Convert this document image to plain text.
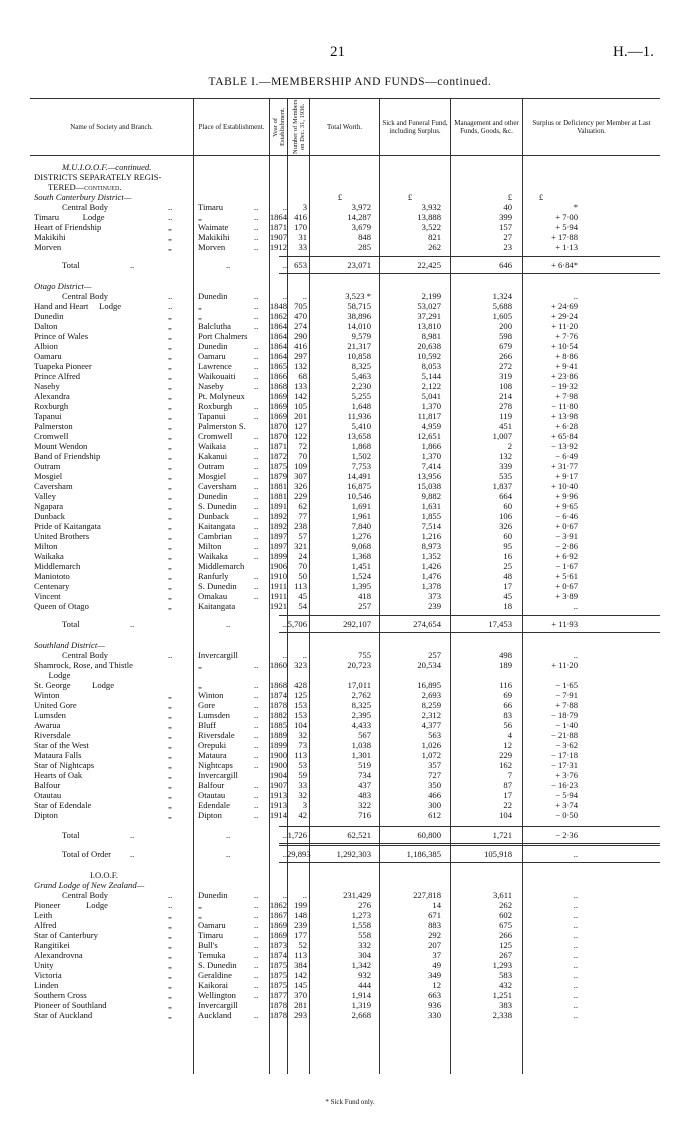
21	H.—1.
TABLE I.—MEMBERSHIP AND FUNDS—continued.
Name of Society and Branch.	Place of Establishment.	Year of Establishment. Number of Members on Dec. 31, 1936.	Total Worth.	Sick and Funeral Fund, including Surplus.
Management and other Funds, Goods, &c.
Surplus or Deficiency per Member at Last Valuation.
M.U.I.O.O.F.—continued.
DISTRICTS SEPARATELY REGIS-
TERED—continued.
South Canterbury District—	£	£	£	£
Central Body	..	Timaru	..	..	3	3,972	3,932	40	*
Timaru           Lodge	..	„	..	1864 416	14,287	13,888	399	+ 7·00
Heart of Friendship	„	Waimate	..	1871 170	3,679	3,522	157	+ 5·94
Makikihi	„	Makikihi	..	1907	31	848	821	27	+ 17·88
Morven	„	Morven	..	1912	33	285	262	23	+ 1·13
Total	..	..	.. 653	23,071	22,425	646	+ 6·84*
Otago District—
Central Body	..	Dunedin	..	..	..	3,523 *	2,199	1,324	..
Hand and Heart     Lodge	..	„	..	1848 705	58,715	53,027	5,688	+ 24·69
Dunedin	„	„	..	1862 470	38,896	37,291	1,605	+ 29·24
Dalton	„	Balclutha	..	1864 274	14,010	13,810	200	+ 11·20
Prince of Wales	„	Port Chalmers	1864 290	9,579	8,981	598	+ 7·76
Albion	„	Dunedin	..	1864 416	21,317	20,638	679	+ 10·54
Oamaru	„	Oamaru	..	1864 297	10,858	10,592	266	+ 8·86
Tuapeka Pioneer	„	Lawrence	..	1865 132	8,325	8,053	272	+ 9·41
Prince Alfred	„	Waikouaiti	..	1866	68	5,463	5,144	319	+ 23·86
Naseby	„	Naseby	..	1868 133	2,230	2,122	108	− 19·32
Alexandra	„	Pt. Molyneux	1869 142	5,255	5,041	214	+ 7·98
Roxburgh	„	Roxburgh	..	1869 105	1,648	1,370	278	− 11·80
Tapanui	„	Tapanui	..	1869 201	11,936	11,817	119	+ 13·98
Palmerston	„	Palmerston S.	1870 127	5,410	4,959	451	+ 6·28
Cromwell	„	Cromwell	..	1870 122	13,658	12,651	1,007	+ 65·84
Mount Wendon	„	Waikaia	..	1871	72	1,868	1,866	2	− 13·92
Band of Friendship	„	Kakanui	..	1872	70	1,502	1,370	132	− 6·49
Outram	„	Outram	..	1875 109	7,753	7,414	339	+ 31·77
Mosgiel	„	Mosgiel	..	1879 307	14,491	13,956	535	+ 9·17
Caversham	„	Caversham	..	1881 326	16,875	15,038	1,837	+ 10·40
Valley	„	Dunedin	..	1881 229	10,546	9,882	664	+ 9·96
Ngapara	„	S. Dunedin	..	1891	62	1,691	1,631	60	+ 9·65
Dunback	„	Dunback	..	1892	77	1,961	1,855	106	− 6·46
Pride of Kaitangata	„	Kaitangata	..	1892 238	7,840	7,514	326	+ 0·67
United Brothers	„	Cambrian	..	1897	57	1,276	1,216	60	− 3·91
Milton	„	Milton	..	1897 321	9,068	8,973	95	− 2·86
Waikaka	„	Waikaka	..	1899	24	1,368	1,352	16	+ 6·92
Middlemarch	„	Middlemarch	1906	70	1,451	1,426	25	− 1·67
Maniototo	„	Ranfurly	..	1910	50	1,524	1,476	48	+ 5·61
Centenary	„	S. Dunedin	..	1911 113	1,395	1,378	17	+ 0·67
Vincent	„	Omakau	..	1911	45	418	373	45	+ 3·89
Queen of Otago	„	Kaitangata	1921	54	257	239	18	..
Total	..	..	.. 5,706	292,107	274,654	17,453	+ 11·93
Southland District—
Central Body	..	Invercargill	..	..	755	257	498	..
Shamrock, Rose, and Thistle	„	..	1860 323	20,723	20,534	189	+ 11·20
Lodge
St. George          Lodge	„	..	1868 428	17,011	16,895	116	− 1·65
Winton	„	Winton	..	1874 125	2,762	2,693	69	− 7·91
United Gore	„	Gore	..	1878 153	8,325	8,259	66	+ 7·88
Lumsden	„	Lumsden	..	1882 153	2,395	2,312	83	− 18·79
Awarua	„	Bluff	..	1885 104	4,433	4,377	56	− 1·40
Riversdale	„	Riversdale	..	1889	32	567	563	4	− 21·88
Star of the West	„	Orepuki	..	1899	73	1,038	1,026	12	− 3·62
Mataura Falls	„	Mataura	..	1900 113	1,301	1,072	229	− 17·18
Star of Nightcaps	„	Nightcaps	..	1900	53	519	357	162	− 17·31
Hearts of Oak	„	Invercargill	1904	59	734	727	7	+ 3·76
Balfour	„	Balfour	..	1907	33	437	350	87	− 16·23
Otautau	„	Otautau	..	1913	32	483	466	17	− 5·94
Star of Edendale	„	Edendale	..	1913	3	322	300	22	+ 3·74
Dipton	„	Dipton	..	1914	42	716	612	104	− 0·50
Total	..	..	.. 1,726	62,521	60,800	1,721	− 2·36
Total of Order	..	..	.. 29,893	1,292,303	1,186,385	105,918	..
I.O.O.F.
Grand Lodge of New Zealand—
Central Body	..	Dunedin	..	..	..	231,429	227,818	3,611	..
Pioneer            Lodge	..	„	..	1862 199	276	14	262	..
Leith	„	„	..	1867 148	1,273	671	602	..
Alfred	„	Oamaru	..	1869 239	1,558	883	675	..
Star of Canterbury	„	Timaru	..	1869 177	558	292	266	..
Rangitikei	„	Bull's	..	1873	52	332	207	125	..
Alexandrovna	„	Temuka	..	1874 113	304	37	267	..
Unity	„	S. Dunedin	..	1875 384	1,342	49	1,293	..
Victoria	„	Geraldine	..	1875 142	932	349	583	..
Linden	„	Kaikorai	..	1875 145	444	12	432	..
Southern Cross	„	Wellington	..	1877 370	1,914	663	1,251	..
Pioneer of Southland	„	Invercargill	1878 281	1,319	936	383	..
Star of Auckland	„	Auckland	..	1878 293	2,668	330	2,338	..
* Sick Fund only.
